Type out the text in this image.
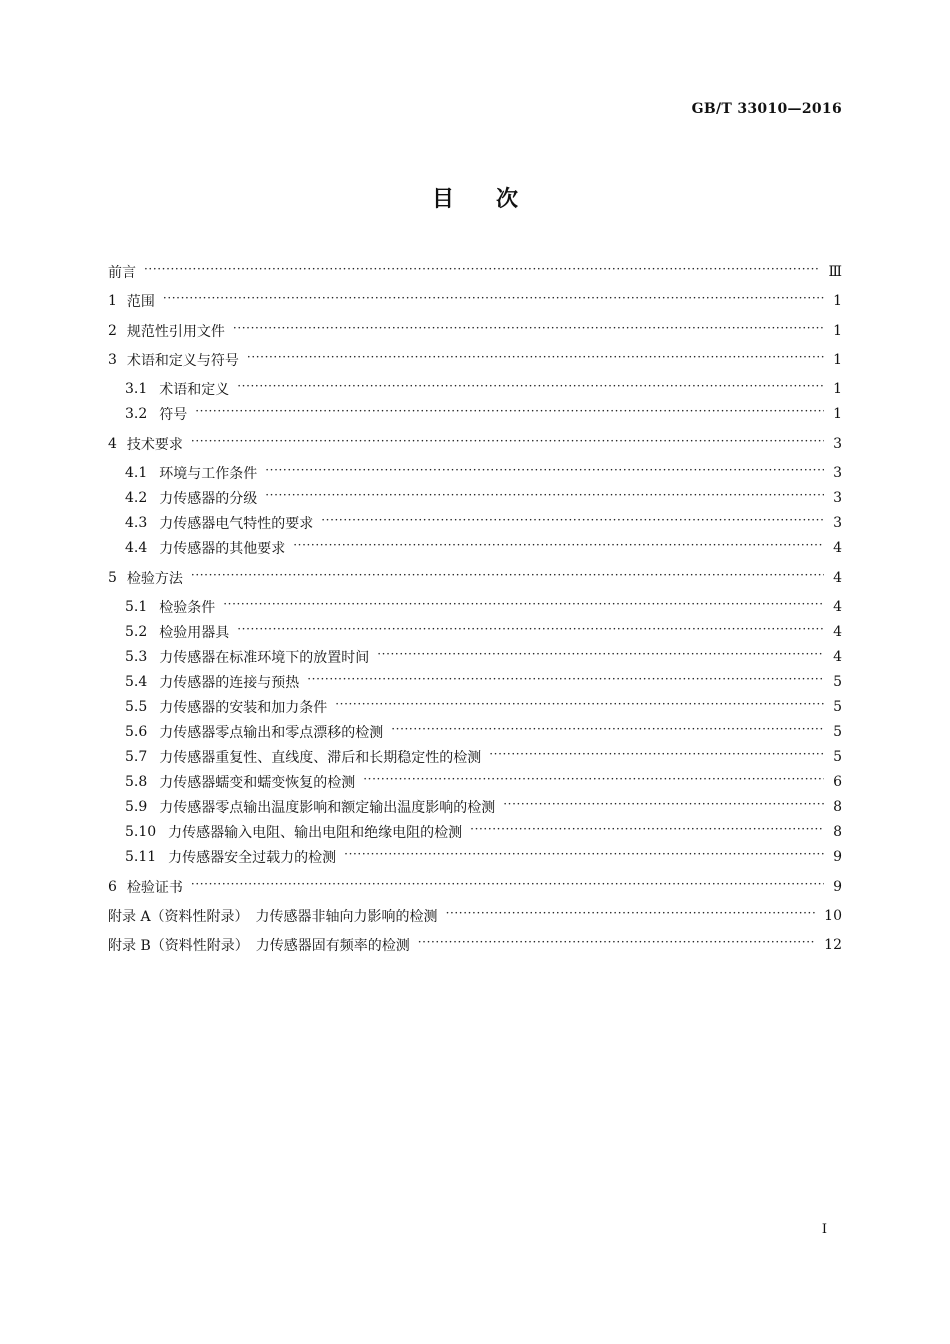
GB/T 33010—2016
目次
前言 ·····	Ⅲ
1 范围 ·····	1
2 规范性引用文件 ·····	1
3 术语和定义与符号 ·····	1
3.1 术语和定义 ·····	1
3.2 符号 ·····	1
4 技术要求 ·····	3
4.1 环境与工作条件 ·····	3
4.2 力传感器的分级 ·····	3
4.3 力传感器电气特性的要求 ·····	3
4.4 力传感器的其他要求 ·····	4
5 检验方法 ·····	4
5.1 检验条件 ·····	4
5.2 检验用器具 ·····	4
5.3 力传感器在标准环境下的放置时间 ·····	4
5.4 力传感器的连接与预热 ·····	5
5.5 力传感器的安装和加力条件 ·····	5
5.6 力传感器零点输出和零点漂移的检测 ·····	5
5.7 力传感器重复性、直线度、滞后和长期稳定性的检测 ·····	5
5.8 力传感器蠕变和蠕变恢复的检测 ·····	6
5.9 力传感器零点输出温度影响和额定输出温度影响的检测 ·····	8
5.10 力传感器输入电阻、输出电阻和绝缘电阻的检测 ·····	8
5.11 力传感器安全过载力的检测 ·····	9
6 检验证书 ·····	9
附录 A（资料性附录）　力传感器非轴向力影响的检测 ·····	10
附录 B（资料性附录）　力传感器固有频率的检测 ·····	12
I
